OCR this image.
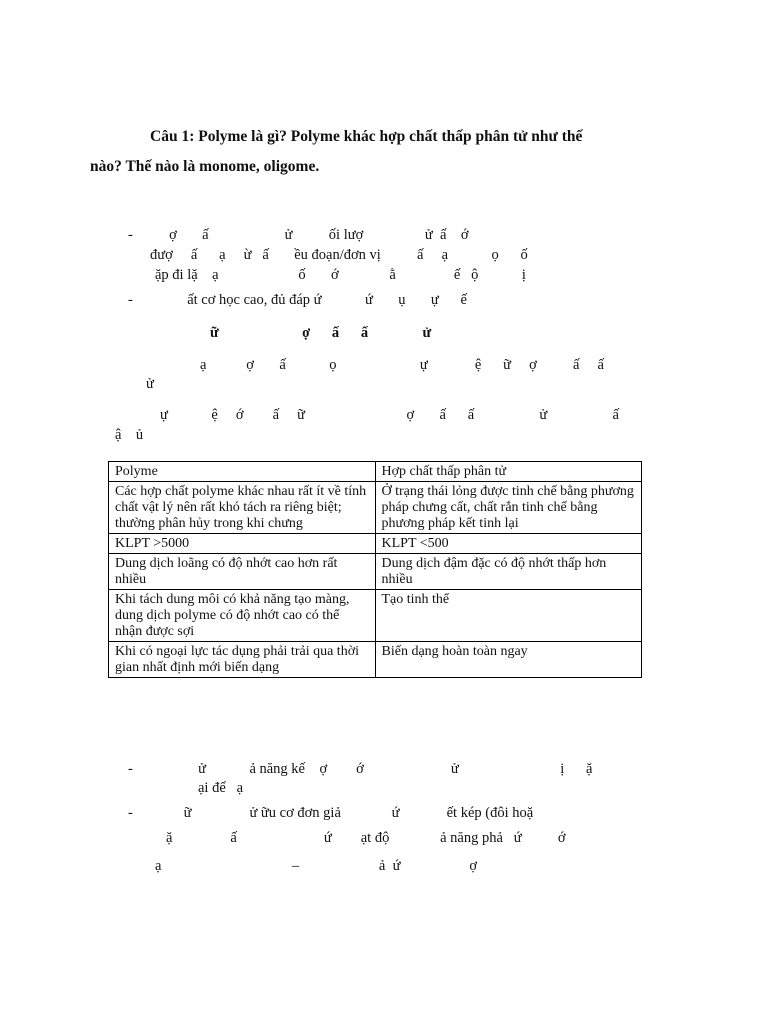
Câu 1: Polyme là gì? Polyme khác hợp chất thấp phân tử như thế
nào? Thế nào là monome, oligome.
-          ợ       ấ                     ử          ối lượ                 ử  ấ    ớ
đượ     ấ      ạ     ừ   ấ       ều đoạn/đơn vị          ấ     ạ            ọ      ố
ặp đi lặ    ạ                      ố       ớ              ằ                ế   ộ            ị
-               ất cơ học cao, đủ đáp ứ            ứ       ụ       ự      ế
ữ                       ợ      ấ      ấ               ử
ạ           ợ       ấ            ọ                       ự             ệ      ữ     ợ          ấ     ấ
ử
ự            ệ     ớ        ấ     ữ                            ợ       ấ      ấ                  ử                  ấ
ậ    ủ
Polyme	Hợp chất thấp phân tử
Các hợp chất polyme khác nhau rất ít về tính chất vật lý nên rất khó tách ra riêng biệt; thường phân hủy trong khi chưng	Ở trạng thái lỏng được tinh chế bằng phương pháp chưng cất, chất rắn tinh chế bằng phương pháp kết tinh lại
KLPT >5000	KLPT <500
Dung dịch loãng có độ nhớt cao hơn rất nhiều	Dung dịch đậm đặc có độ nhớt thấp hơn nhiều
Khi tách dung môi có khả năng tạo màng, dung dịch polyme có độ nhớt cao có thể nhận được sợi	Tạo tinh thể
Khi có ngoại lực tác dụng phải trải qua thời gian nhất định mới biến dạng	Biến dạng hoàn toàn ngay
-                  ử            ả năng kế    ợ        ớ                        ử                            ị      ặ
ại để   ạ
-              ữ                ử ữu cơ đơn giả              ứ             ết kép (đôi hoặ
ặ                ấ                        ứ        ạt độ              ả năng phả   ứ          ớ
ạ                                    –                      ả  ứ                   ợ
